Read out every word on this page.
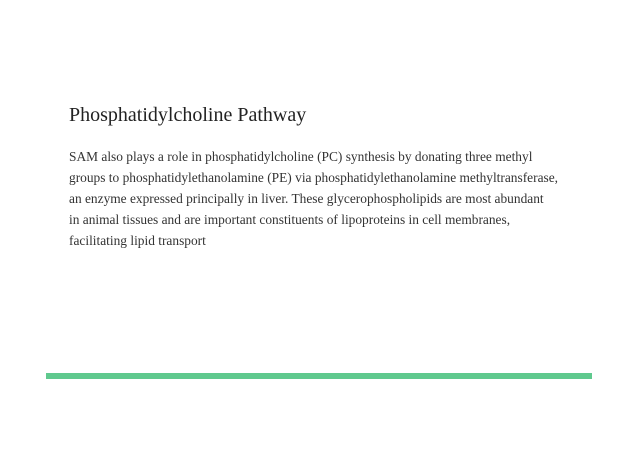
Phosphatidylcholine Pathway
SAM also plays a role in phosphatidylcholine (PC) synthesis by donating three methyl
groups to phosphatidylethanolamine (PE) via phosphatidylethanolamine methyltransferase,
an enzyme expressed principally in liver. These glycerophospholipids are most abundant
in animal tissues and are important constituents of lipoproteins in cell membranes,
facilitating lipid transport
